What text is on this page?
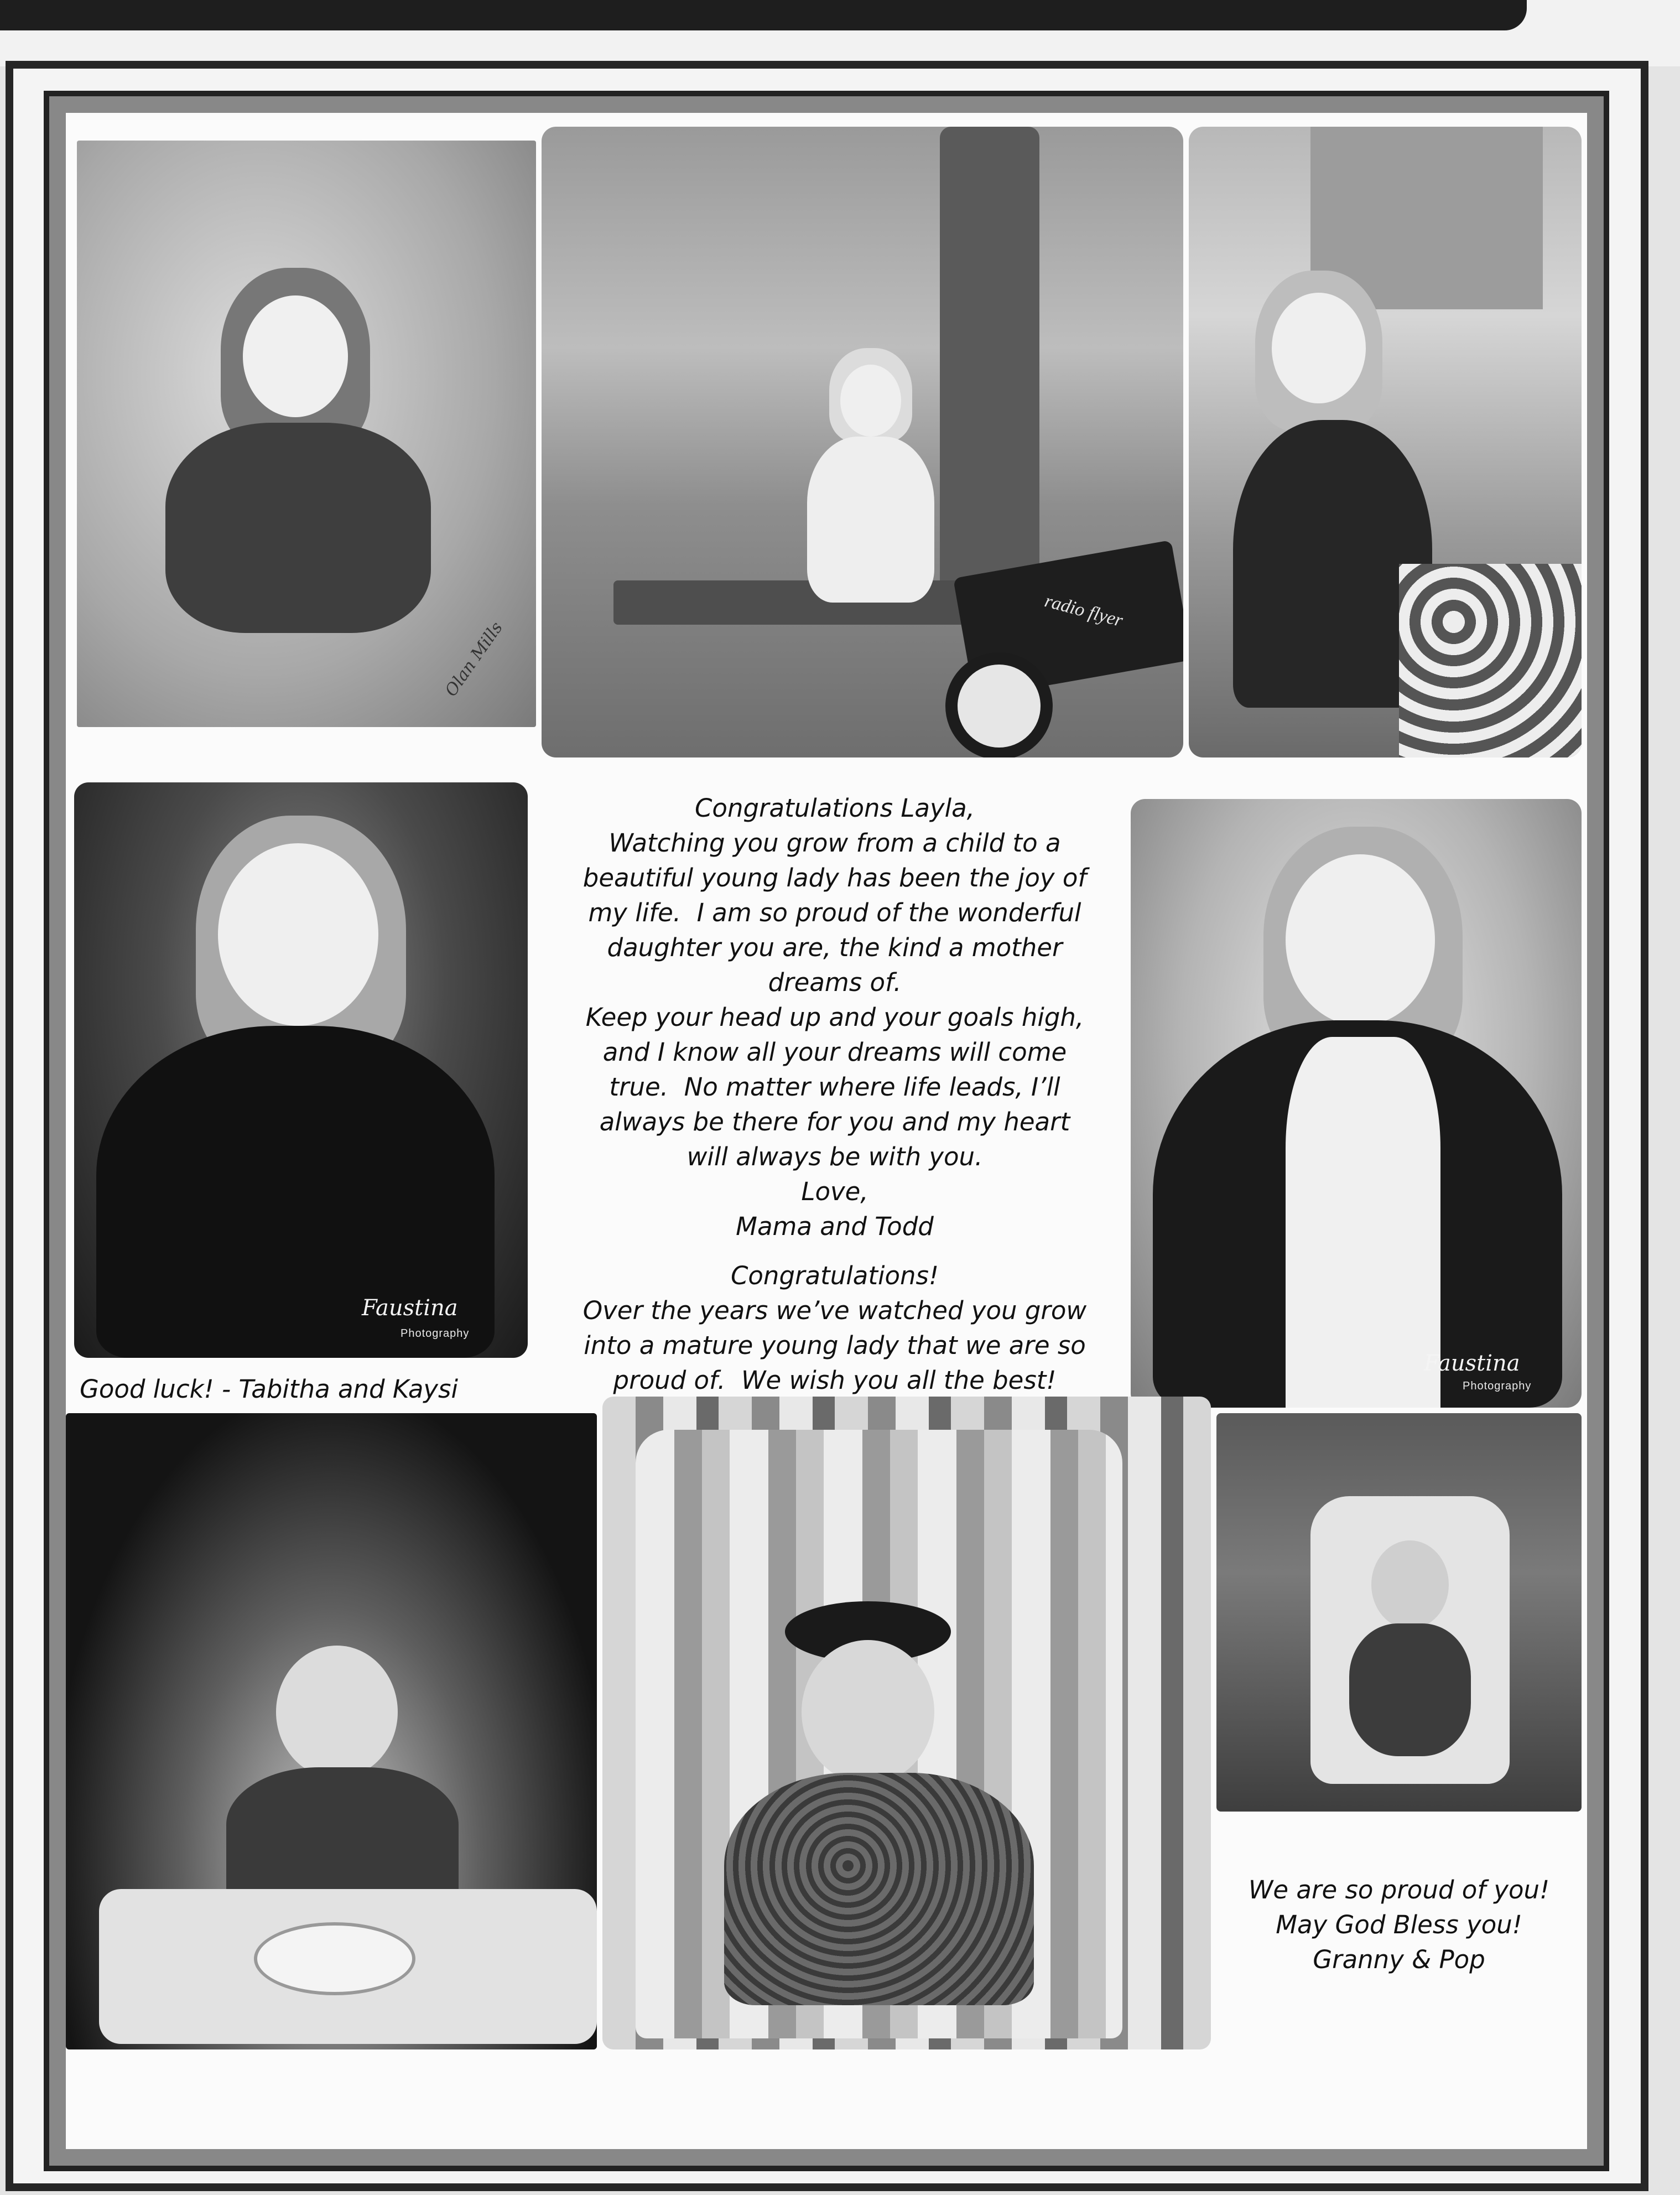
Olan Mills
radio flyer
Faustina
Photography

Congratulations Layla,

Watching you grow from a child to a

beautiful young lady has been the joy of

my life.  I am so proud of the wonderful

daughter you are, the kind a mother

dreams of.

Keep your head up and your goals high,

and I know all your dreams will come

true.  No matter where life leads, I’ll

always be there for you and my heart

will always be with you.

Love,

Mama and Todd

Congratulations!

Over the years we’ve watched you grow

into a mature young lady that we are so

proud of.  We wish you all the best!

Faustina
Photography
Good luck! - Tabitha and Kaysi

We are so proud of you!

May God Bless you!

Granny & Pop
